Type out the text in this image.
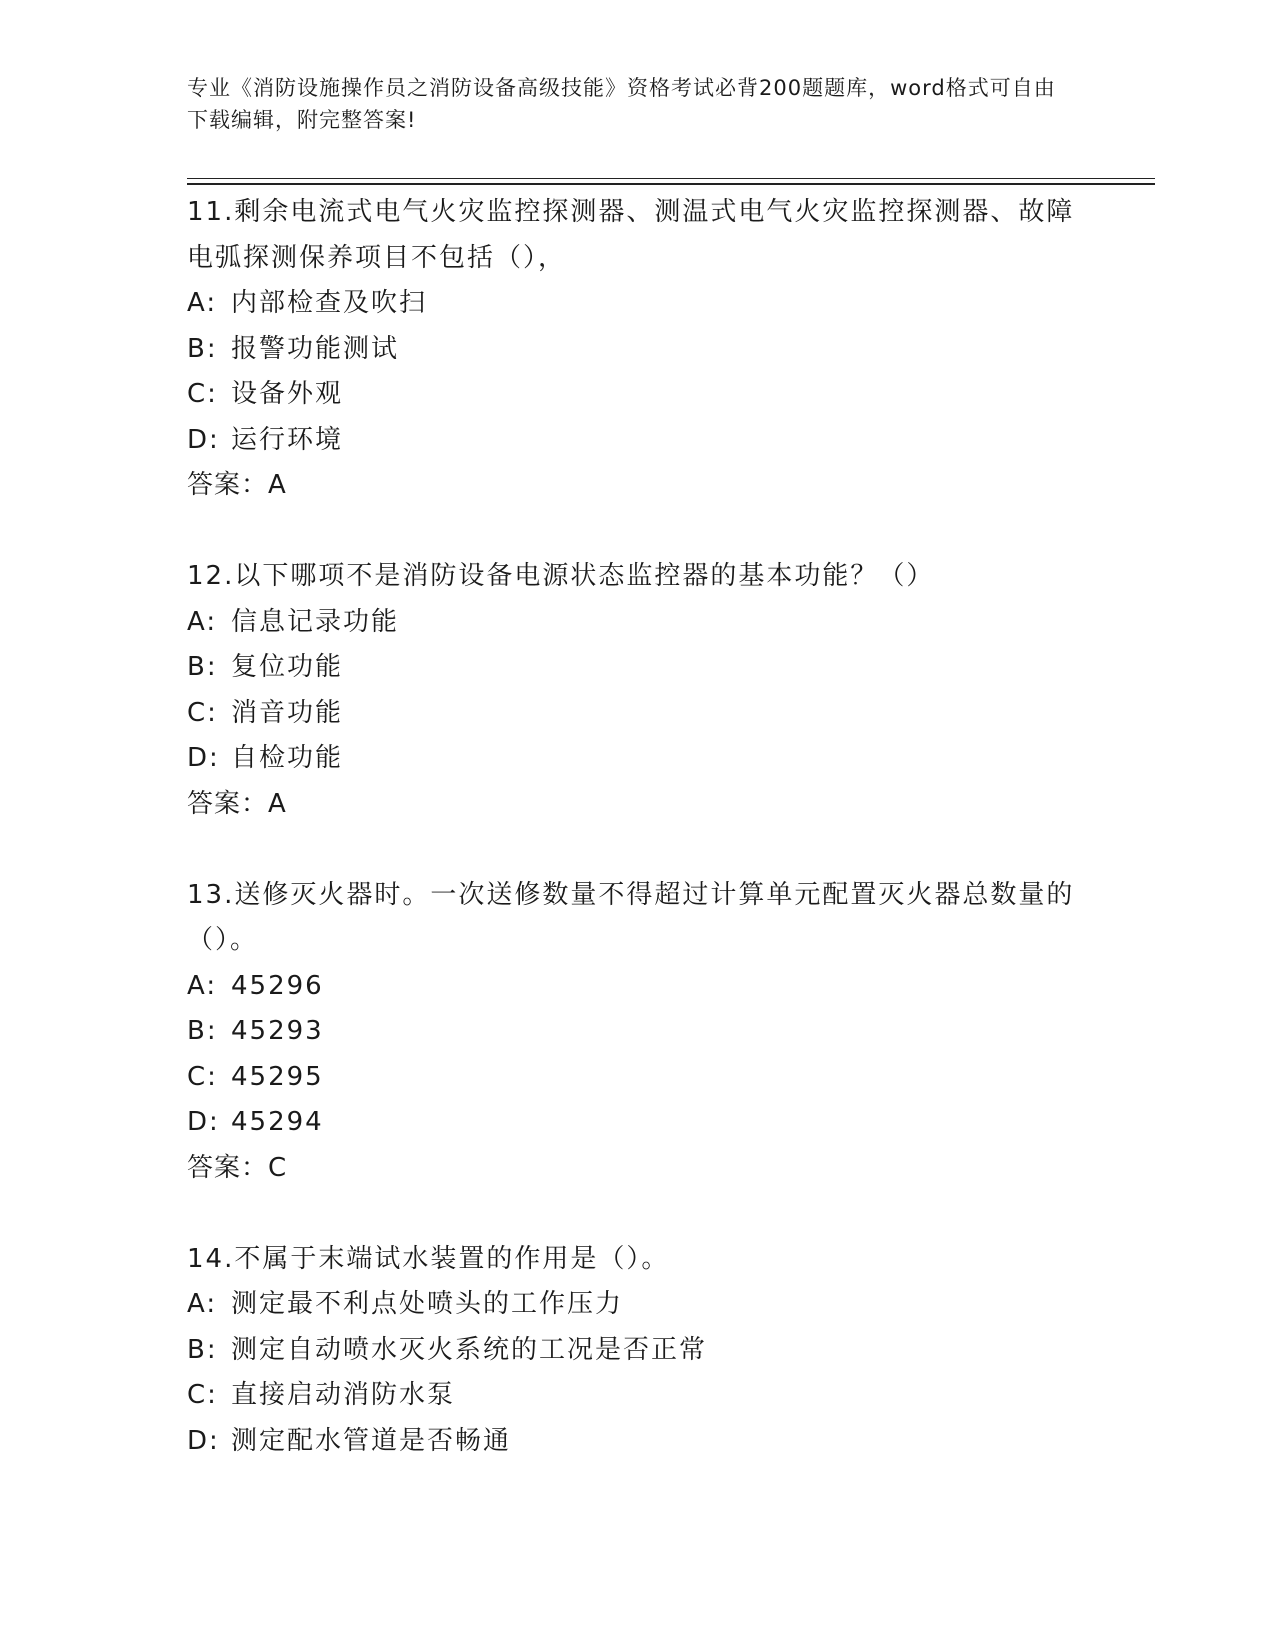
专业《消防设施操作员之消防设备高级技能》资格考试必背200题题库，word格式可自由下载编辑，附完整答案!
11.剩余电流式电气火灾监控探测器、测温式电气火灾监控探测器、故障电弧探测保养项目不包括（），
A: 内部检查及吹扫
B: 报警功能测试
C: 设备外观
D: 运行环境
答案：A
12.以下哪项不是消防设备电源状态监控器的基本功能？（）
A: 信息记录功能
B: 复位功能
C: 消音功能
D: 自检功能
答案：A
13.送修灭火器时。一次送修数量不得超过计算单元配置灭火器总数量的（）。
A: 45296
B: 45293
C: 45295
D: 45294
答案：C
14.不属于末端试水装置的作用是（）。
A: 测定最不利点处喷头的工作压力
B: 测定自动喷水灭火系统的工况是否正常
C: 直接启动消防水泵
D: 测定配水管道是否畅通
